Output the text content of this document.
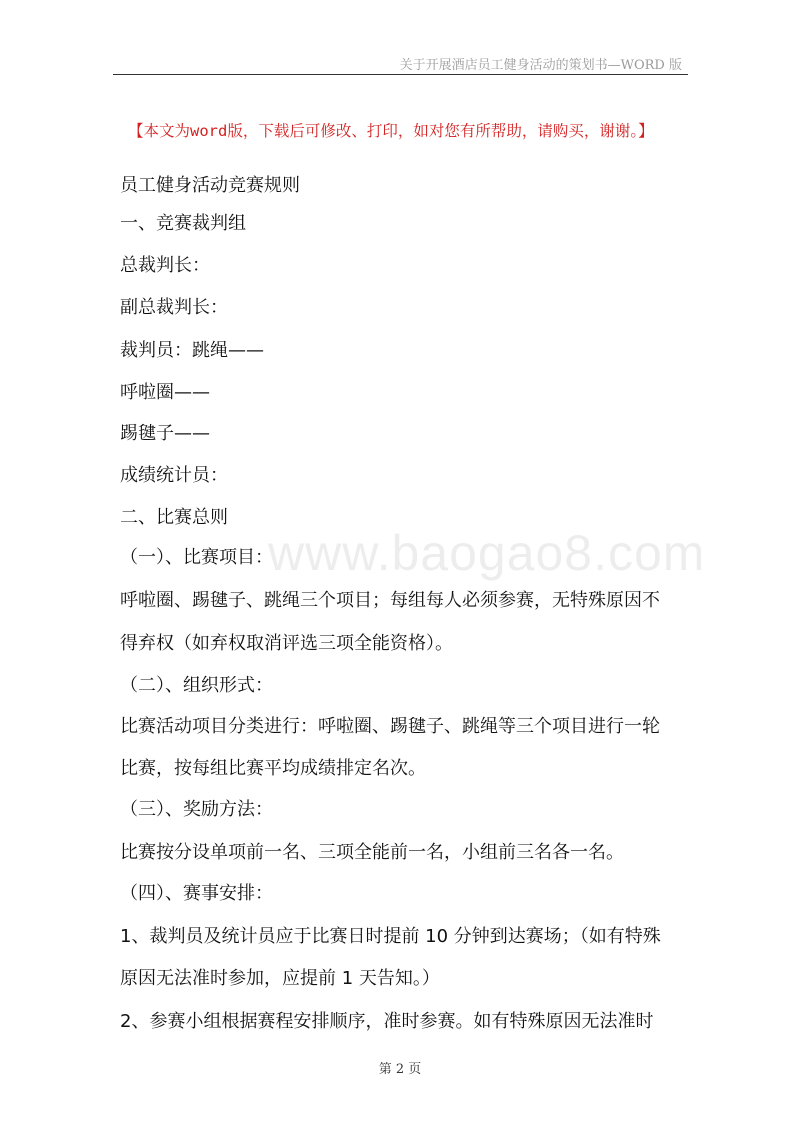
关于开展酒店员工健身活动的策划书—WORD 版
【本文为word版，下载后可修改、打印，如对您有所帮助，请购买，谢谢。】
www.baogao8.com
员工健身活动竞赛规则
一、竞赛裁判组
总裁判长：
副总裁判长：
裁判员：跳绳——
呼啦圈——
踢毽子——
成绩统计员：
二、比赛总则
（一）、比赛项目：
呼啦圈、踢毽子、跳绳三个项目；每组每人必须参赛，无特殊原因不
得弃权（如弃权取消评选三项全能资格）。
（二）、组织形式：
比赛活动项目分类进行：呼啦圈、踢毽子、跳绳等三个项目进行一轮
比赛，按每组比赛平均成绩排定名次。
（三）、奖励方法：
比赛按分设单项前一名、三项全能前一名，小组前三名各一名。
（四）、赛事安排：
1、裁判员及统计员应于比赛日时提前 10 分钟到达赛场；（如有特殊
原因无法准时参加，应提前 1 天告知。）
2、参赛小组根据赛程安排顺序，准时参赛。如有特殊原因无法准时
第 2 页
